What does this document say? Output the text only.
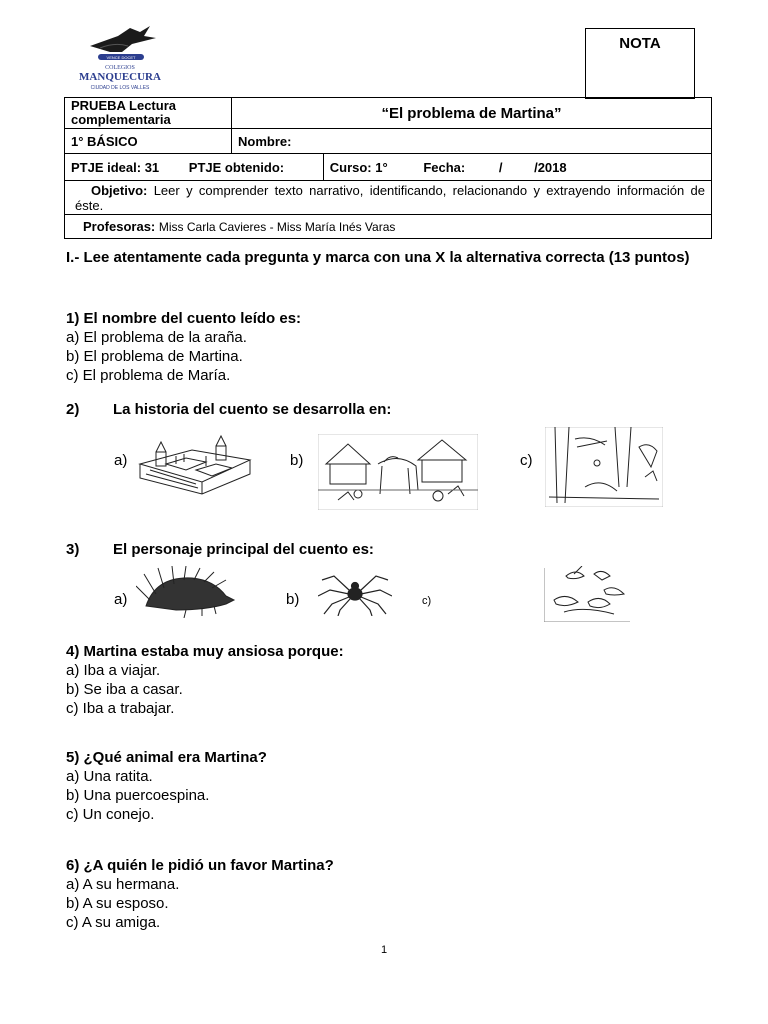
VENCE DOCET
COLEGIOS
MANQUECURA
CIUDAD DE LOS VALLES
NOTA
PRUEBA Lectura complementaria	“El problema de Martina”	
1° BÁSICO	Nombre:	
PTJE ideal: 31 PTJE obtenido:		Curso: 1° Fecha: / /2018
Objetivo: Leer y comprender texto narrativo, identificando, relacionando y extrayendo información de éste.		
Profesoras: Miss Carla Cavieres - Miss María Inés Varas		
I.- Lee atentamente cada pregunta y marca con una X la alternativa correcta (13 puntos)
1) El nombre del cuento leído es:
a) El problema de la araña.
b) El problema de Martina.
c) El problema de María.
2) La historia del cuento se desarrolla en:
a)	b)	c)
3) El personaje principal del cuento es:
a)	b)	c)
4) Martina estaba muy ansiosa porque:
a) Iba a viajar.
b) Se iba a casar.
c) Iba a trabajar.
5) ¿Qué animal era Martina?
a) Una ratita.
b) Una puercoespina.
c) Un conejo.
6) ¿A quién le pidió un favor Martina?
a) A su hermana.
b) A su esposo.
c) A su amiga.
1
